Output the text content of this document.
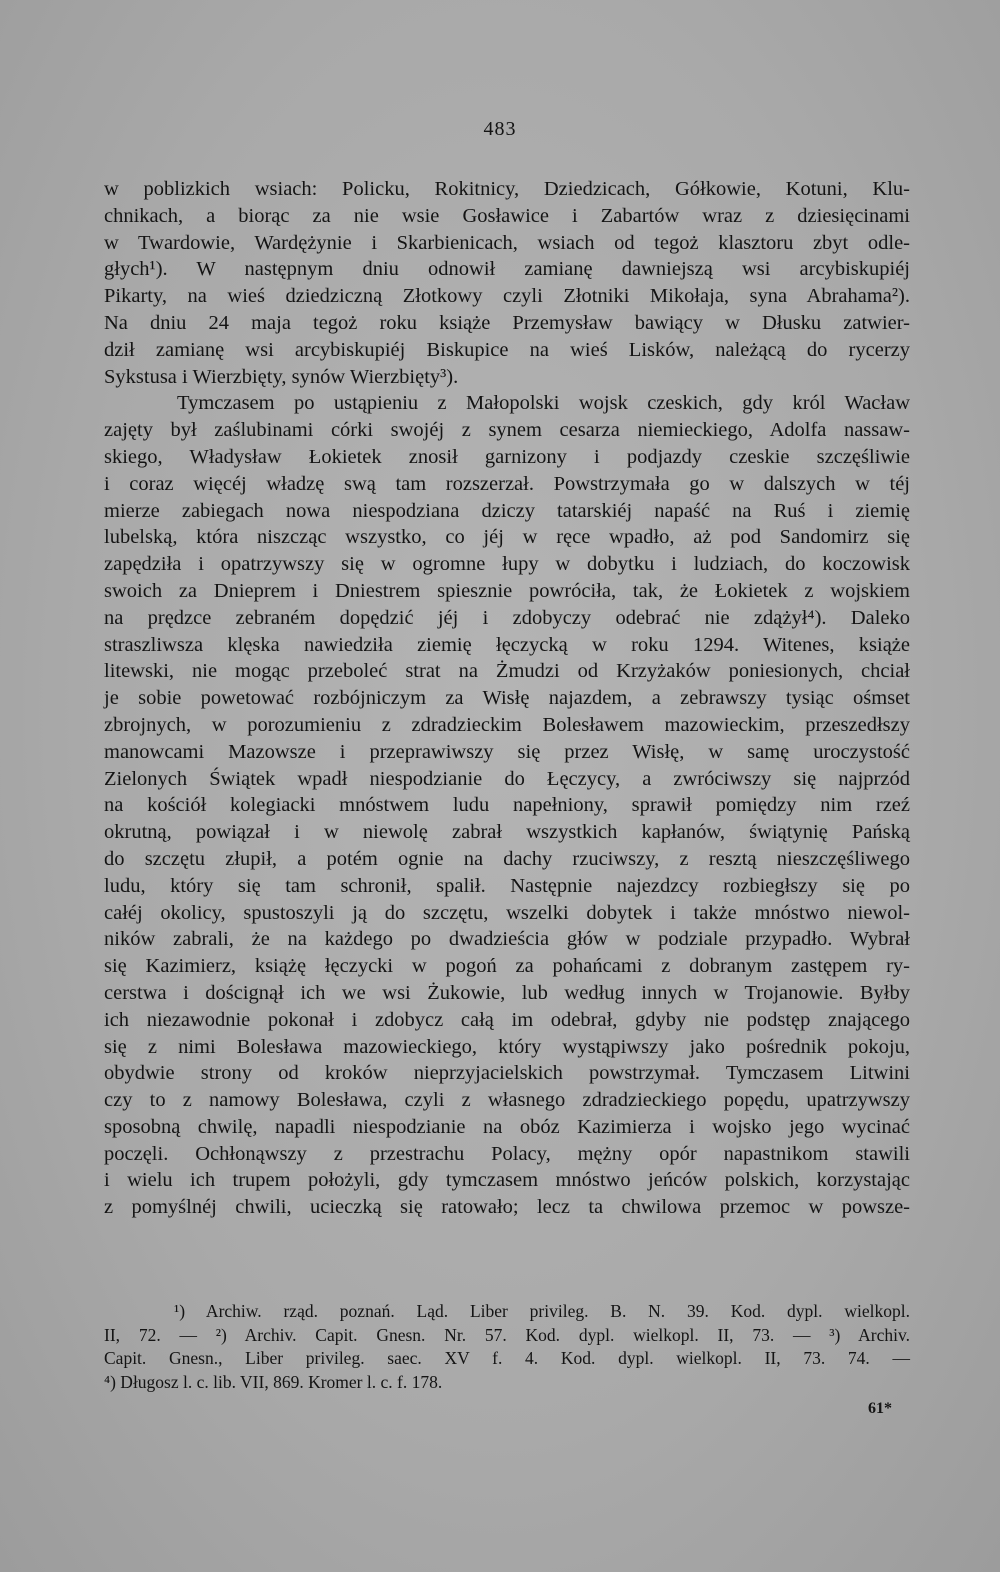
483
w poblizkich wsiach: Policku, Rokitnicy, Dziedzicach, Gółkowie, Kotuni, Klu-
chnikach, a biorąc za nie wsie Gosławice i Zabartów wraz z dziesięcinami
w Twardowie, Wardężynie i Skarbienicach, wsiach od tegoż klasztoru zbyt odle-
głych¹). W następnym dniu odnowił zamianę dawniejszą wsi arcybiskupiéj
Pikarty, na wieś dziedziczną Złotkowy czyli Złotniki Mikołaja, syna Abrahama²).
Na dniu 24 maja tegoż roku książe Przemysław bawiący w Dłusku zatwier-
dził zamianę wsi arcybiskupiéj Biskupice na wieś Lisków, należącą do rycerzy
Sykstusa i Wierzbięty, synów Wierzbięty³).
Tymczasem po ustąpieniu z Małopolski wojsk czeskich, gdy król Wacław
zajęty był zaślubinami córki swojéj z synem cesarza niemieckiego, Adolfa nassaw-
skiego, Władysław Łokietek znosił garnizony i podjazdy czeskie szczęśliwie
i coraz więcéj władzę swą tam rozszerzał. Powstrzymała go w dalszych w téj
mierze zabiegach nowa niespodziana dziczy tatarskiéj napaść na Ruś i ziemię
lubelską, która niszcząc wszystko, co jéj w ręce wpadło, aż pod Sandomirz się
zapędziła i opatrzywszy się w ogromne łupy w dobytku i ludziach, do koczowisk
swoich za Dnieprem i Dniestrem spiesznie powróciła, tak, że Łokietek z wojskiem
na prędzce zebraném dopędzić jéj i zdobyczy odebrać nie zdążył⁴). Daleko
straszliwsza klęska nawiedziła ziemię łęczycką w roku 1294. Witenes, książe
litewski, nie mogąc przeboleć strat na Żmudzi od Krzyżaków poniesionych, chciał
je sobie powetować rozbójniczym za Wisłę najazdem, a zebrawszy tysiąc ośmset
zbrojnych, w porozumieniu z zdradzieckim Bolesławem mazowieckim, przeszedłszy
manowcami Mazowsze i przeprawiwszy się przez Wisłę, w samę uroczystość
Zielonych Świątek wpadł niespodzianie do Łęczycy, a zwróciwszy się najprzód
na kościół kolegiacki mnóstwem ludu napełniony, sprawił pomiędzy nim rzeź
okrutną, powiązał i w niewolę zabrał wszystkich kapłanów, świątynię Pańską
do szczętu złupił, a potém ognie na dachy rzuciwszy, z resztą nieszczęśliwego
ludu, który się tam schronił, spalił. Następnie najezdzcy rozbiegłszy się po
całéj okolicy, spustoszyli ją do szczętu, wszelki dobytek i także mnóstwo niewol-
ników zabrali, że na każdego po dwadzieścia głów w podziale przypadło. Wybrał
się Kazimierz, książę łęczycki w pogoń za pohańcami z dobranym zastępem ry-
cerstwa i doścignął ich we wsi Żukowie, lub według innych w Trojanowie. Byłby
ich niezawodnie pokonał i zdobycz całą im odebrał, gdyby nie podstęp znającego
się z nimi Bolesława mazowieckiego, który wystąpiwszy jako pośrednik pokoju,
obydwie strony od kroków nieprzyjacielskich powstrzymał. Tymczasem Litwini
czy to z namowy Bolesława, czyli z własnego zdradzieckiego popędu, upatrzywszy
sposobną chwilę, napadli niespodzianie na obóz Kazimierza i wojsko jego wycinać
poczęli. Ochłonąwszy z przestrachu Polacy, mężny opór napastnikom stawili
i wielu ich trupem położyli, gdy tymczasem mnóstwo jeńców polskich, korzystając
z pomyślnéj chwili, ucieczką się ratowało; lecz ta chwilowa przemoc w powsze-
¹) Archiw. rząd. poznań. Ląd. Liber privileg. B. N. 39. Kod. dypl. wielkopl.
II, 72. — ²) Archiv. Capit. Gnesn. Nr. 57. Kod. dypl. wielkopl. II, 73. — ³) Archiv.
Capit. Gnesn., Liber privileg. saec. XV f. 4. Kod. dypl. wielkopl. II, 73. 74. —
⁴) Długosz l. c. lib. VII, 869. Kromer l. c. f. 178.
61*
